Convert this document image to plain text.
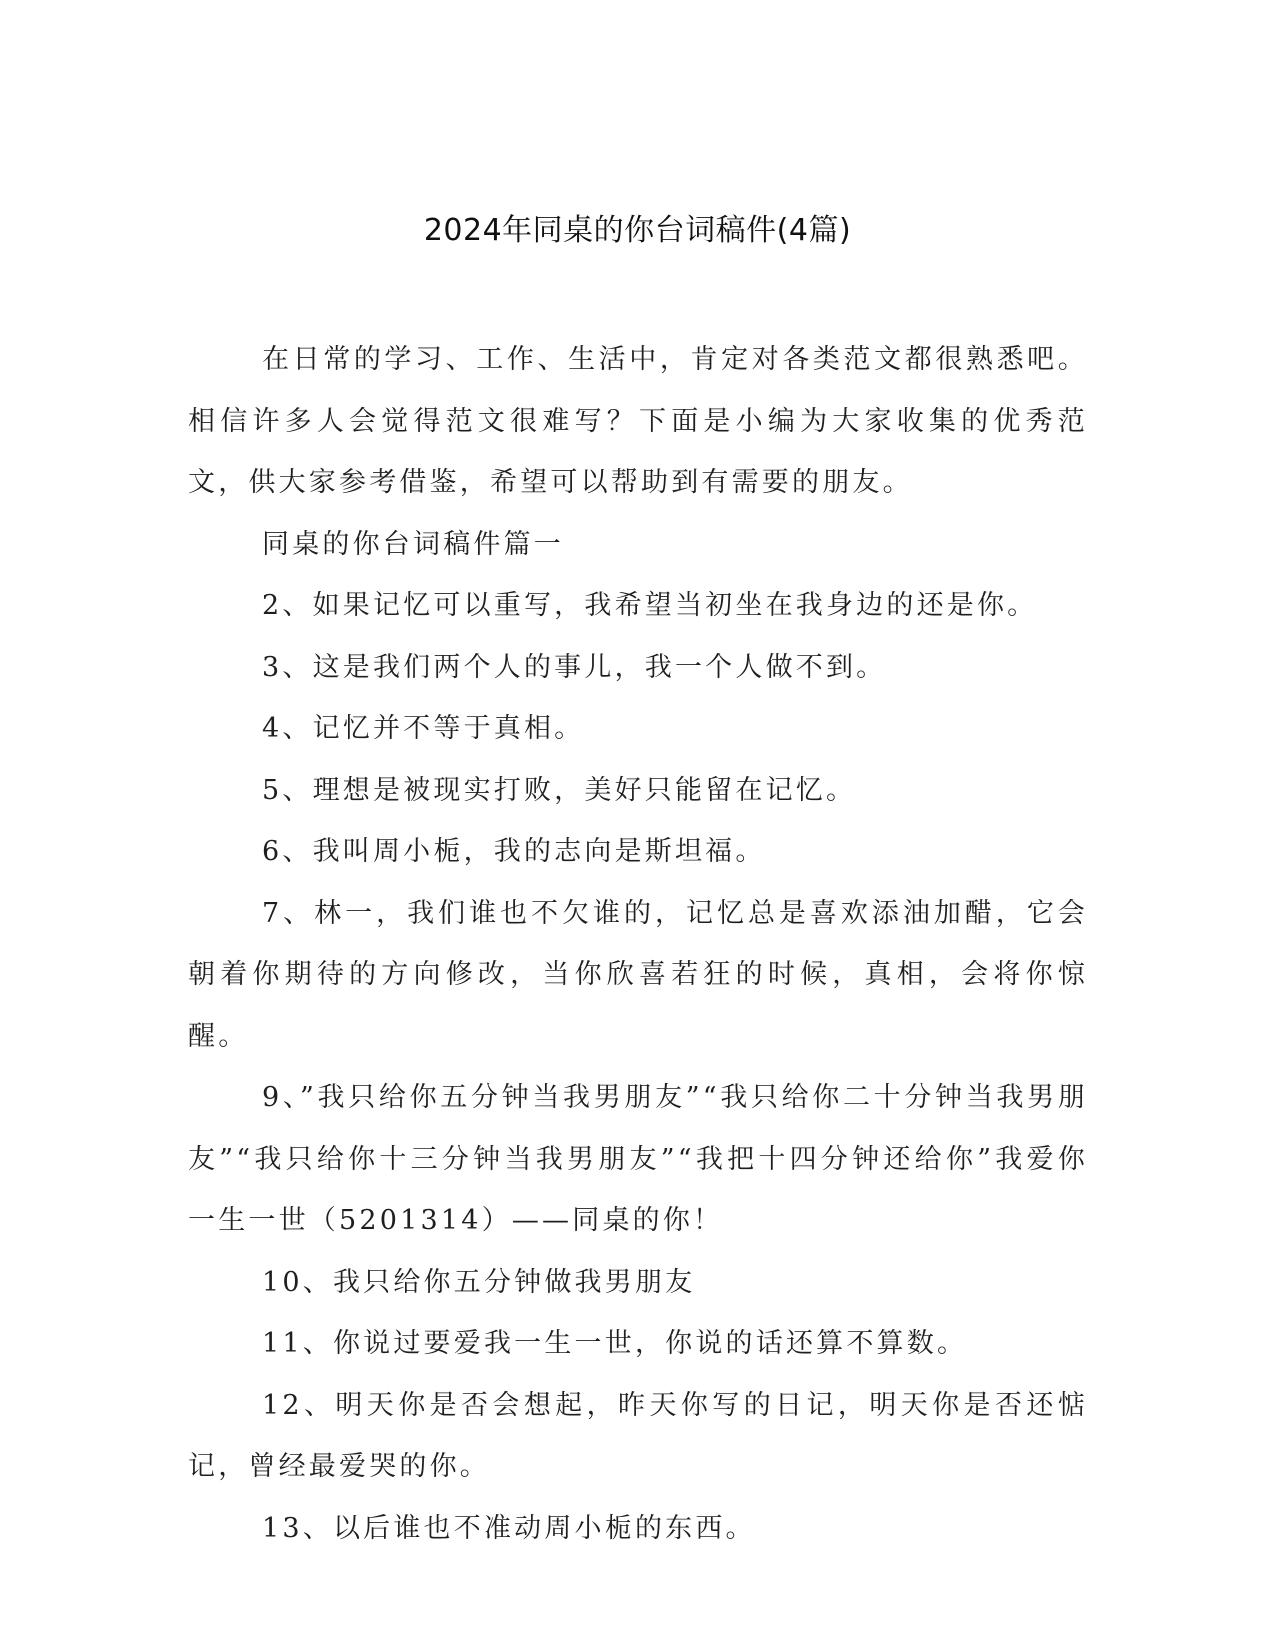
2024年同桌的你台词稿件(4篇)

在日常的学习、工作、生活中，肯定对各类范文都很熟悉吧。相信许多人会觉得范文很难写？下面是小编为大家收集的优秀范文，供大家参考借鉴，希望可以帮助到有需要的朋友。

同桌的你台词稿件篇一

2、如果记忆可以重写，我希望当初坐在我身边的还是你。

3、这是我们两个人的事儿，我一个人做不到。

4、记忆并不等于真相。

5、理想是被现实打败，美好只能留在记忆。

6、我叫周小栀，我的志向是斯坦福。

7、林一，我们谁也不欠谁的，记忆总是喜欢添油加醋，它会朝着你期待的方向修改，当你欣喜若狂的时候，真相，会将你惊醒。

9、”我只给你五分钟当我男朋友”“我只给你二十分钟当我男朋友”“我只给你十三分钟当我男朋友”“我把十四分钟还给你”我爱你一生一世（5201314）——同桌的你！

10、我只给你五分钟做我男朋友

11、你说过要爱我一生一世，你说的话还算不算数。

12、明天你是否会想起，昨天你写的日记，明天你是否还惦记，曾经最爱哭的你。

13、以后谁也不准动周小栀的东西。
